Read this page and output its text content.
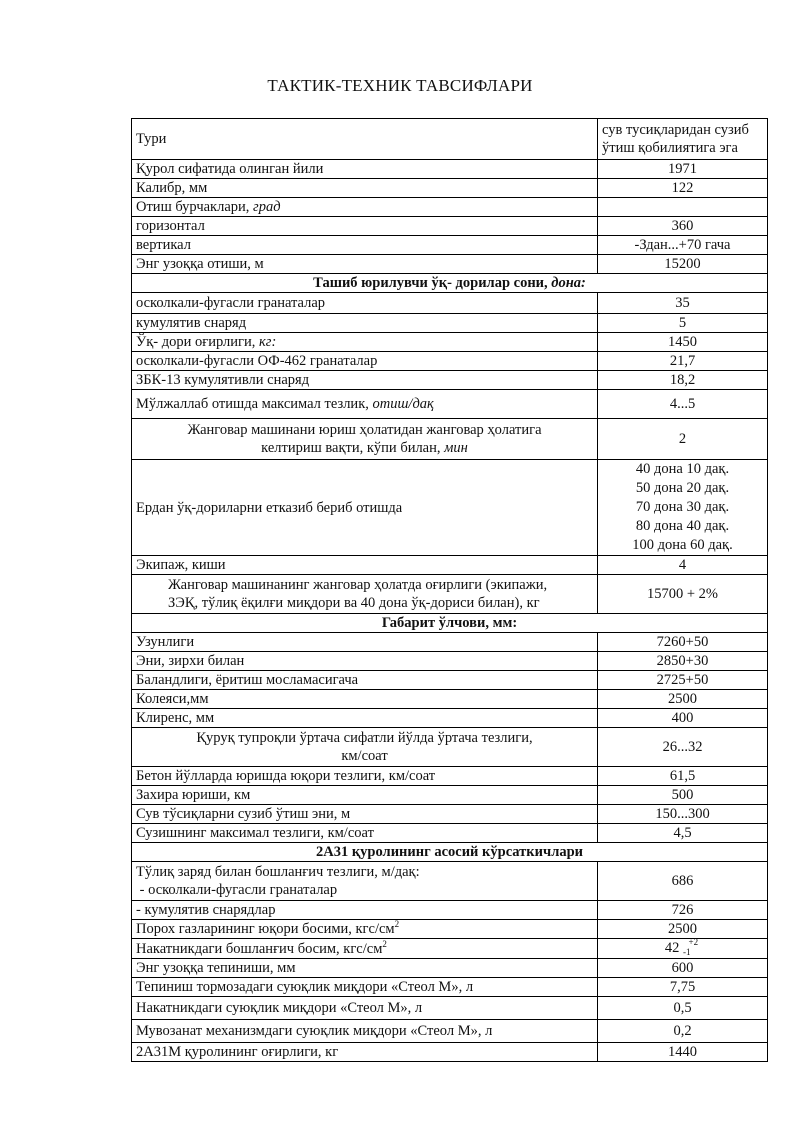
ТАКТИК-ТЕХНИК ТАВСИФЛАРИ
Тури	сув тусиқларидан сузиб ўтиш қобилиятига эга
Қурол сифатида олинган йили	1971
Калибр, мм	122
Отиш бурчаклари, град	
горизонтал	360
вертикал	-Здан...+70 гача
Энг узоққа отиши, м	15200
Ташиб юрилувчи ўқ- дорилар сони, дона:	
осколкали-фугасли гранаталар	35
кумулятив снаряд	5
Ўқ- дори оғирлиги, кг:	1450
осколкали-фугасли ОФ-462 гранаталар	21,7
ЗБК-13 кумулятивли снаряд	18,2
Мўлжаллаб отишда максимал тезлик, отиш/дақ	4...5

Жанговар машинани юриш ҳолатидан жанговар ҳолатига
келтириш вақти, кўпи билан, мин	2
Ердан ўқ-дориларни етказиб бериб отишда	40 дона 10 дақ.
50 дона 20 дақ.
70 дона 30 дақ.
80 дона 40 дақ.
100 дона 60 дақ.

Экипаж, киши	4

Жанговар машинанинг жанговар ҳолатда оғирлиги (экипажи,
ЗЭҚ, тўлиқ ёқилғи миқдори ва 40 дона ўқ-дориси билан), кг	15700 + 2%
Габарит ўлчови, мм:	
Узунлиги	7260+50
Эни, зирхи билан	2850+30
Баландлиги, ёритиш мосламасигача	2725+50
Колеяси,мм	2500
Клиренс, мм	400

Қуруқ тупроқли ўртача сифатли йўлда ўртача тезлиги,
км/соат	26...32
Бетон йўлларда юришда юқори тезлиги, км/соат	61,5
Захира юриши, км	500
Сув тўсиқларни сузиб ўтиш эни, м	150...300
Сузишнинг максимал тезлиги, км/соат	4,5
2А31 қуролининг асосий кўрсаткичлари	

Тўлиқ заряд билан бошланғич тезлиги, м/дақ:
- осколкали-фугасли гранаталар	686
- кумулятив снарядлар	726
Порох газларининг юқори босими, кгс/$см^2$	2500
Накатникдаги бошланғич босим, кгс/$см^2$	42 -1+2
Энг узоққа тепиниши, мм	600
Тепиниш тормозадаги суюқлик миқдори «Стеол М», л	7,75
Накатникдаги суюқлик миқдори «Стеол М», л	0,5
Мувозанат механизмдаги суюқлик миқдори «Стеол М», л	0,2
2А31М қуролининг оғирлиги, кг	1440
